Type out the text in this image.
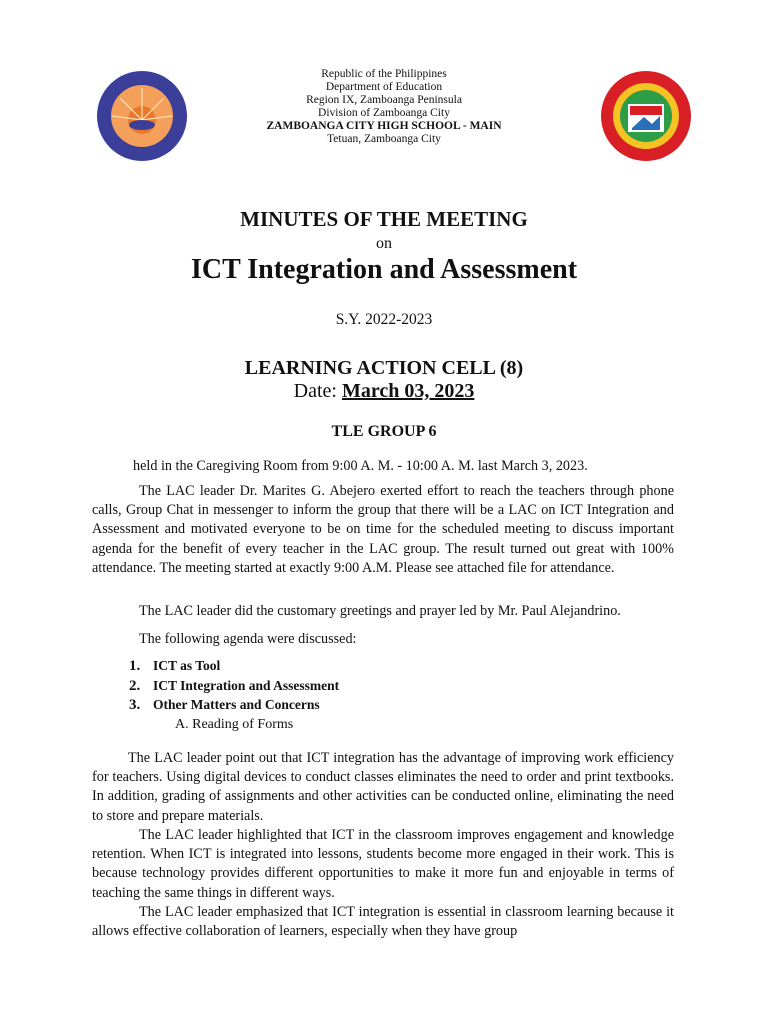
Republic of the Philippines
Department of Education
Region IX, Zamboanga Peninsula
Division of Zamboanga City
ZAMBOANGA CITY HIGH SCHOOL - MAIN
Tetuan, Zamboanga City
MINUTES OF THE MEETING
on
ICT Integration and Assessment
S.Y. 2022-2023
LEARNING ACTION CELL (8)
Date: March 03, 2023
TLE GROUP 6
held in the Caregiving Room from 9:00 A. M. - 10:00 A. M. last March 3, 2023.
The LAC leader Dr. Marites G. Abejero exerted effort to reach the teachers through phone calls, Group Chat in messenger to inform the group that there will be a LAC on ICT Integration and Assessment and motivated everyone to be on time for the scheduled meeting to discuss important agenda for the benefit of every teacher in the LAC group. The result turned out great with 100% attendance. The meeting started at exactly 9:00 A.M. Please see attached file for attendance.
The LAC leader did the customary greetings and prayer led by Mr. Paul Alejandrino.
The following agenda were discussed:
1. ICT as Tool
2. ICT Integration and Assessment
3. Other Matters and Concerns
A. Reading of Forms
The LAC leader point out that ICT integration has the advantage of improving work efficiency for teachers. Using digital devices to conduct classes eliminates the need to order and print textbooks. In addition, grading of assignments and other activities can be conducted online, eliminating the need to store and prepare materials.
The LAC leader highlighted that ICT in the classroom improves engagement and knowledge retention. When ICT is integrated into lessons, students become more engaged in their work. This is because technology provides different opportunities to make it more fun and enjoyable in terms of teaching the same things in different ways.
The LAC leader emphasized that ICT integration is essential in classroom learning because it allows effective collaboration of learners, especially when they have group
